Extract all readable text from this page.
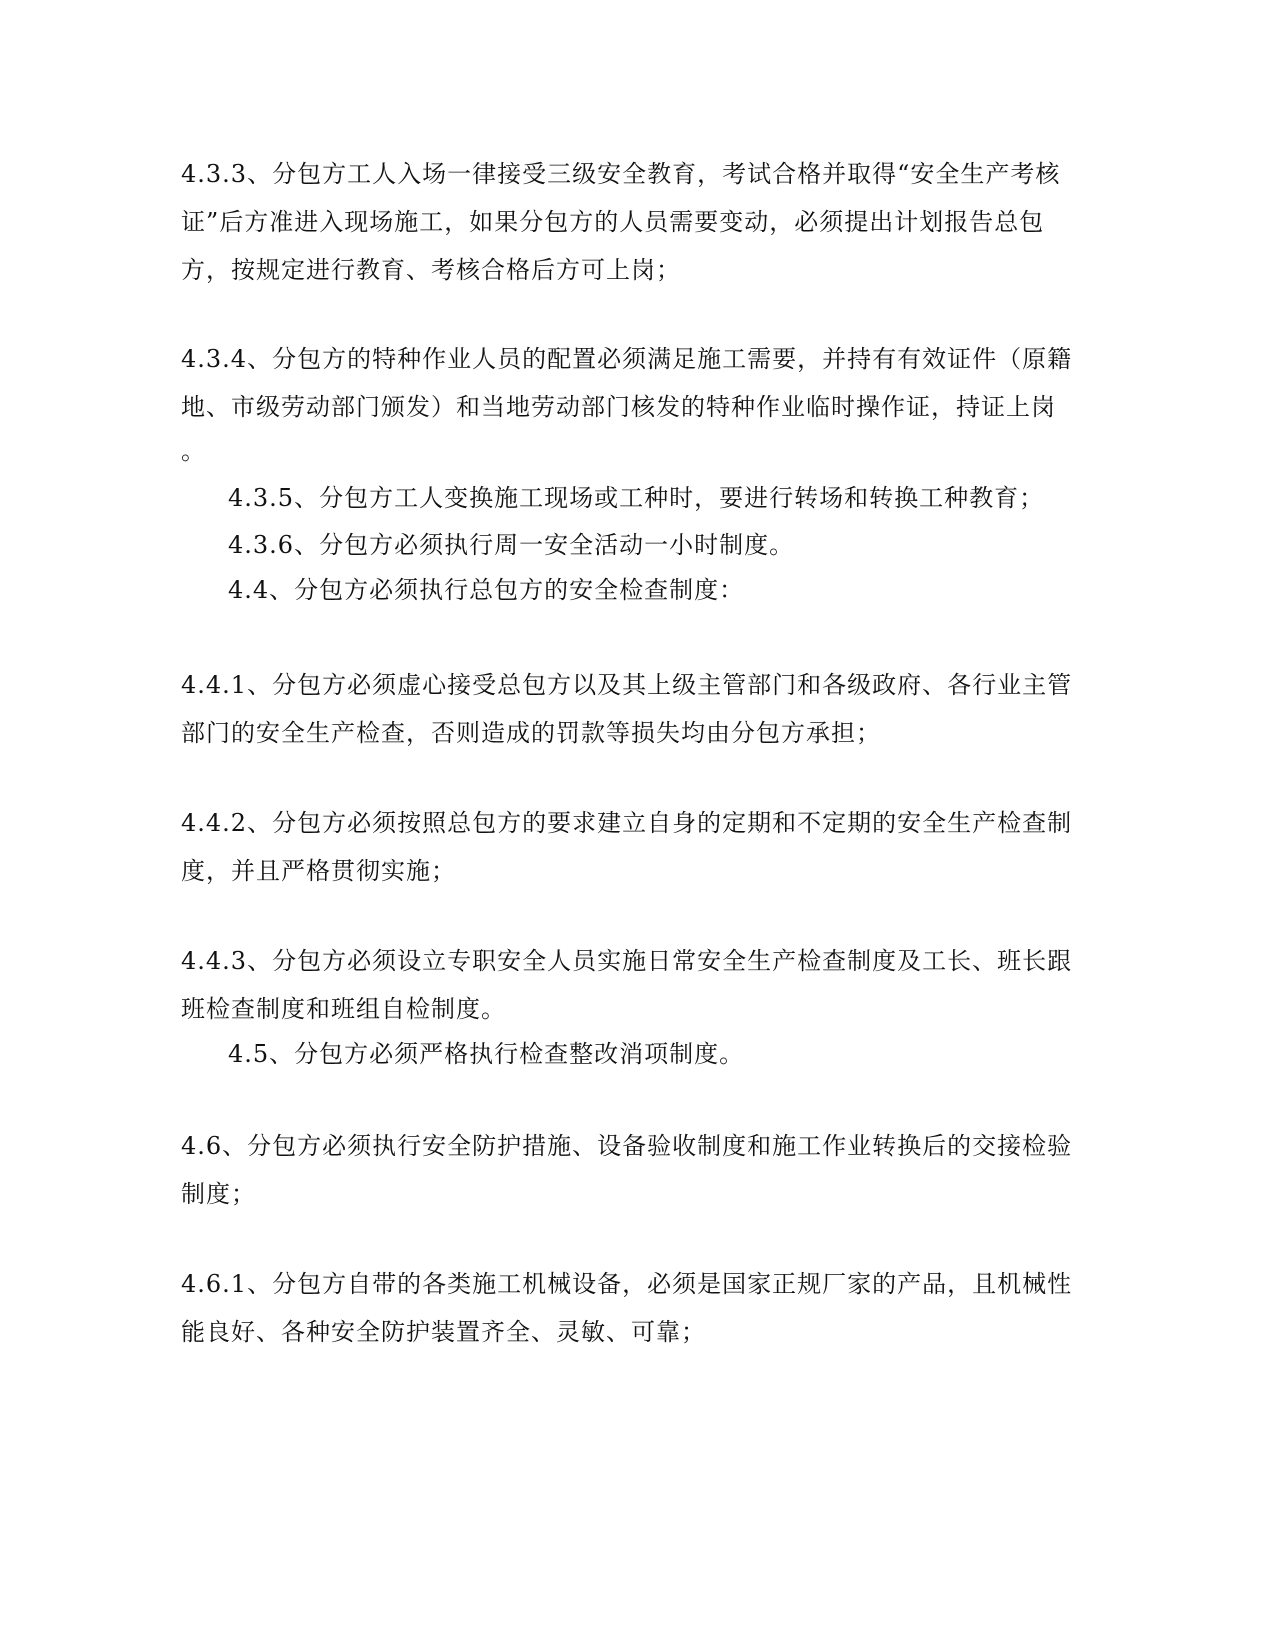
4.3.3、分包方工人入场一律接受三级安全教育，考试合格并取得“安全生产考核
证”后方准进入现场施工，如果分包方的人员需要变动，必须提出计划报告总包
方，按规定进行教育、考核合格后方可上岗；
4.3.4、分包方的特种作业人员的配置必须满足施工需要，并持有有效证件（原籍
地、市级劳动部门颁发）和当地劳动部门核发的特种作业临时操作证，持证上岗
。
4.3.5、分包方工人变换施工现场或工种时，要进行转场和转换工种教育；
4.3.6、分包方必须执行周一安全活动一小时制度。
4.4、分包方必须执行总包方的安全检查制度：
4.4.1、分包方必须虚心接受总包方以及其上级主管部门和各级政府、各行业主管
部门的安全生产检查，否则造成的罚款等损失均由分包方承担；
4.4.2、分包方必须按照总包方的要求建立自身的定期和不定期的安全生产检查制
度，并且严格贯彻实施；
4.4.3、分包方必须设立专职安全人员实施日常安全生产检查制度及工长、班长跟
班检查制度和班组自检制度。
4.5、分包方必须严格执行检查整改消项制度。
4.6、分包方必须执行安全防护措施、设备验收制度和施工作业转换后的交接检验
制度；
4.6.1、分包方自带的各类施工机械设备，必须是国家正规厂家的产品，且机械性
能良好、各种安全防护装置齐全、灵敏、可靠；
